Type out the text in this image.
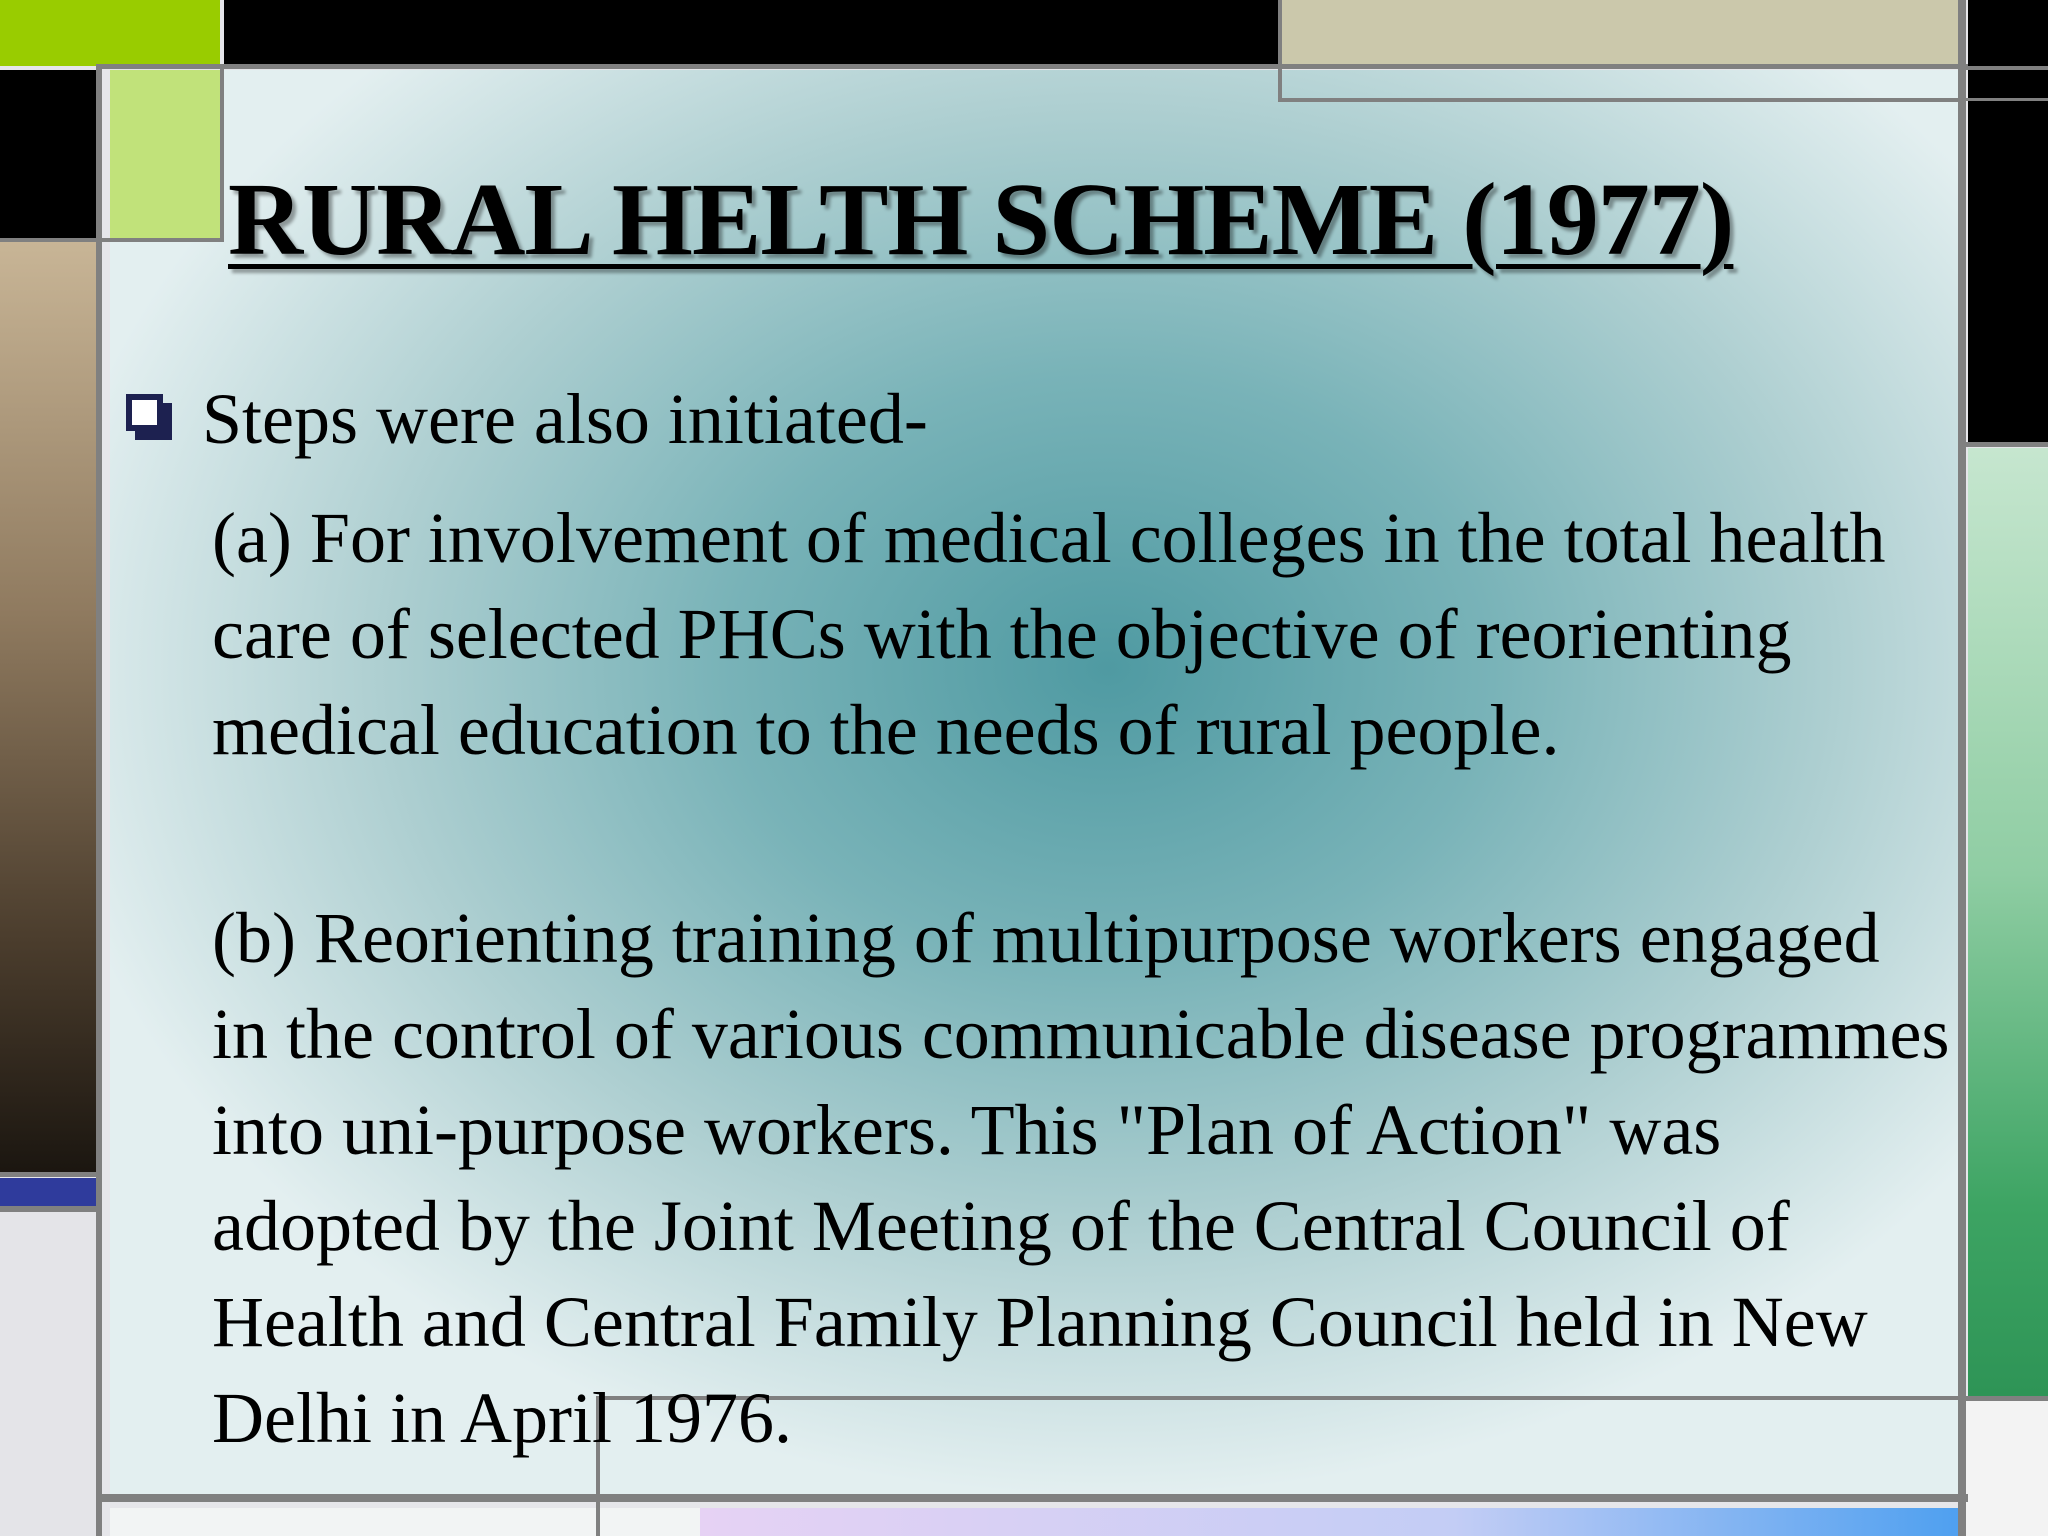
RURAL HELTH SCHEME (1977)
Steps were also initiated-
(a) For involvement of medical colleges in the total health care of selected PHCs with the objective of reorienting medical education to the needs of rural people.
(b) Reorienting training of multipurpose workers engaged in the control of various communicable disease programmes into uni-purpose workers. This "Plan of Action" was adopted by the Joint Meeting of the Central Council of Health and Central Family Planning Council held in New Delhi in April 1976.
